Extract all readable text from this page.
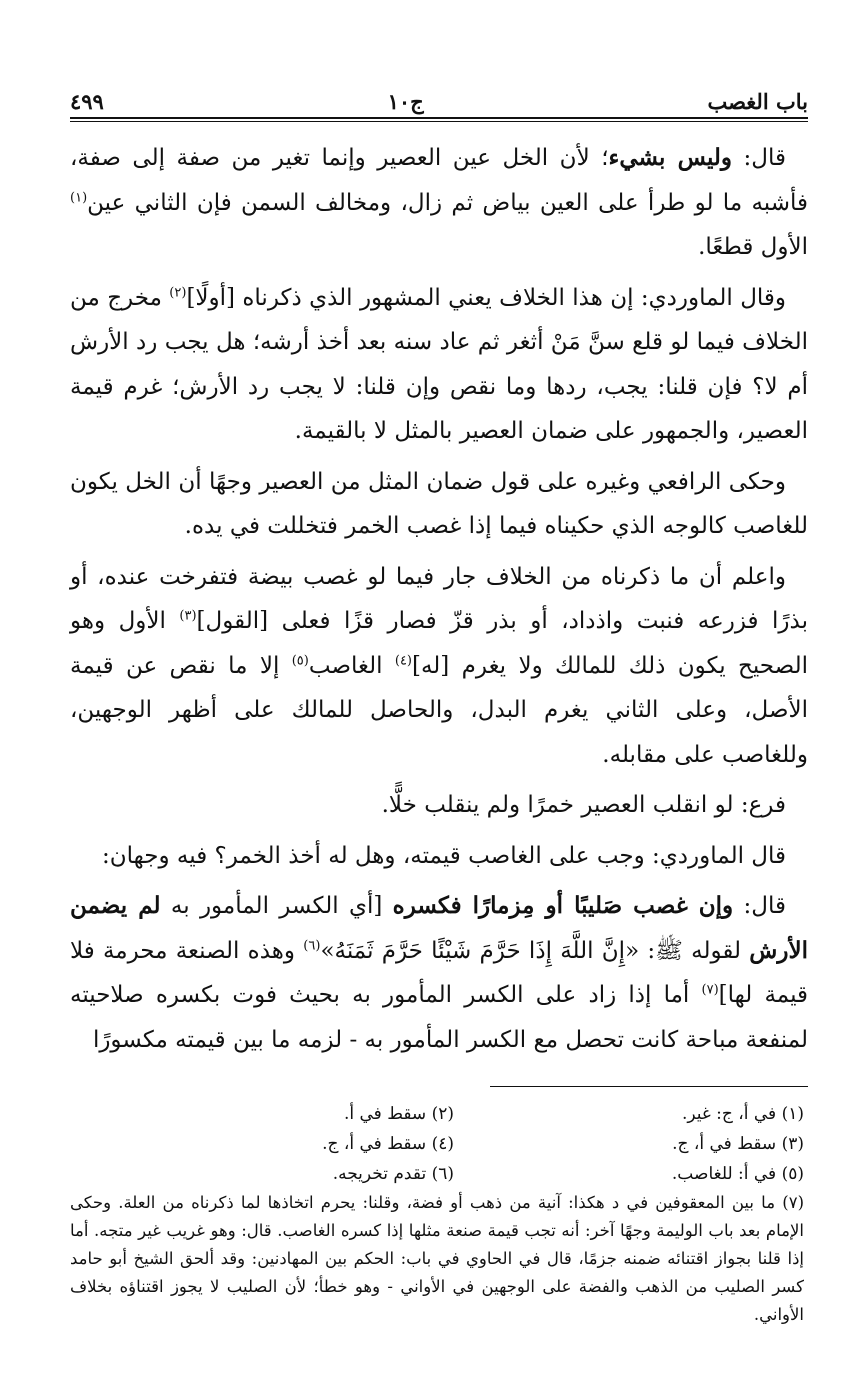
باب الغصب
ج١٠
٤٩٩

قال: وليس بشيء؛ لأن الخل عين العصير وإنما تغير من صفة إلى صفة، فأشبه ما لو طرأ على العين بياض ثم زال، ومخالف السمن فإن الثاني عين$^{(١)}$ الأول قطعًا.

وقال الماوردي: إن هذا الخلاف يعني المشهور الذي ذكرناه [أولًا]$^{(٢)}$ مخرج من الخلاف فيما لو قلع سنَّ مَنْ أثغر ثم عاد سنه بعد أخذ أرشه؛ هل يجب رد الأرش أم لا؟ فإن قلنا: يجب، ردها وما نقص وإن قلنا: لا يجب رد الأرش؛ غرم قيمة العصير، والجمهور على ضمان العصير بالمثل لا بالقيمة.

وحكى الرافعي وغيره على قول ضمان المثل من العصير وجهًا أن الخل يكون للغاصب كالوجه الذي حكيناه فيما إذا غصب الخمر فتخللت في يده.

واعلم أن ما ذكرناه من الخلاف جار فيما لو غصب بيضة فتفرخت عنده، أو بذرًا فزرعه فنبت واذداد، أو بذر قزّ فصار قزًا فعلى [القول]$^{(٣)}$ الأول وهو الصحيح يكون ذلك للمالك ولا يغرم [له]$^{(٤)}$ الغاصب$^{(٥)}$ إلا ما نقص عن قيمة الأصل، وعلى الثاني يغرم البدل، والحاصل للمالك على أظهر الوجهين، وللغاصب على مقابله.

فرع: لو انقلب العصير خمرًا ولم ينقلب خلًّا.

قال الماوردي: وجب على الغاصب قيمته، وهل له أخذ الخمر؟ فيه وجهان:

قال: وإن غصب صَليبًا أو مِزمارًا فكسره [أي الكسر المأمور به لم يضمن الأرش لقوله ﷺ: «إِنَّ اللَّهَ إِذَا حَرَّمَ شَيْئًا حَرَّمَ ثَمَنَهُ»$^{(٦)}$ وهذه الصنعة محرمة فلا قيمة لها]$^{(٧)}$ أما إذا زاد على الكسر المأمور به بحيث فوت بكسره صلاحيته لمنفعة مباحة كانت تحصل مع الكسر المأمور به - لزمه ما بين قيمته مكسورًا

(١) في أ، ج: غير.
(٢) سقط في أ.
(٣) سقط في أ، ج.
(٤) سقط في أ، ج.
(٥) في أ: للغاصب.
(٦) تقدم تخريجه.
(٧) ما بين المعقوفين في د هكذا: آنية من ذهب أو فضة، وقلنا: يحرم اتخاذها لما ذكرناه من العلة. وحكى الإمام بعد باب الوليمة وجهًا آخر: أنه تجب قيمة صنعة مثلها إذا كسره الغاصب. قال: وهو غريب غير متجه. أما إذا قلنا بجواز اقتنائه ضمنه جزمًا، قال في الحاوي في باب: الحكم بين المهادنين: وقد ألحق الشيخ أبو حامد كسر الصليب من الذهب والفضة على الوجهين في الأواني - وهو خطأ؛ لأن الصليب لا يجوز اقتناؤه بخلاف الأواني.
